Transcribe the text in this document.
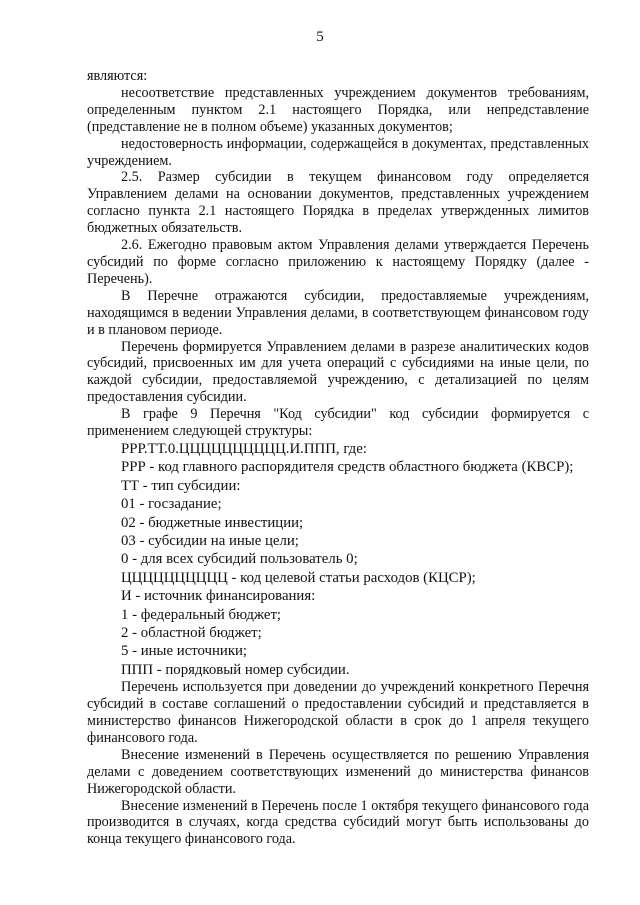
5

являются:

несоответствие представленных учреждением документов требованиям, определенным пунктом 2.1 настоящего Порядка, или непредставление (представление не в полном объеме) указанных документов;

недостоверность информации, содержащейся в документах, представленных учреждением.

2.5. Размер субсидии в текущем финансовом году определяется Управлением делами на основании документов, представленных учреждением согласно пункта 2.1 настоящего Порядка в пределах утвержденных лимитов бюджетных обязательств.

2.6. Ежегодно правовым актом Управления делами утверждается Перечень субсидий по форме согласно приложению к настоящему Порядку (далее - Перечень).

В Перечне отражаются субсидии, предоставляемые учреждениям, находящимся в ведении Управления делами, в соответствующем финансовом году и в плановом периоде.

Перечень формируется Управлением делами в разрезе аналитических кодов субсидий, присвоенных им для учета операций с субсидиями на иные цели, по каждой субсидии, предоставляемой учреждению, с детализацией по целям предоставления субсидии.

В графе 9 Перечня "Код субсидии" код субсидии формируется с применением следующей структуры:

РРР.ТТ.0.ЦЦЦЦЦЦЦЦЦЦ.И.ППП, где:

РРР - код главного распорядителя средств областного бюджета (КВСР);

ТТ - тип субсидии:

01 - госзадание;

02 - бюджетные инвестиции;

03 - субсидии на иные цели;

0 - для всех субсидий пользователь 0;

ЦЦЦЦЦЦЦЦЦЦ - код целевой статьи расходов (КЦСР);

И - источник финансирования:

1 - федеральный бюджет;

2 - областной бюджет;

5 - иные источники;

ППП - порядковый номер субсидии.

Перечень используется при доведении до учреждений конкретного Перечня субсидий в составе соглашений о предоставлении субсидий и представляется в министерство финансов Нижегородской области в срок до 1 апреля текущего финансового года.

Внесение изменений в Перечень осуществляется по решению Управления делами с доведением соответствующих изменений до министерства финансов Нижегородской области.

Внесение изменений в Перечень после 1 октября текущего финансового года производится в случаях, когда средства субсидий могут быть использованы до конца текущего финансового года.
